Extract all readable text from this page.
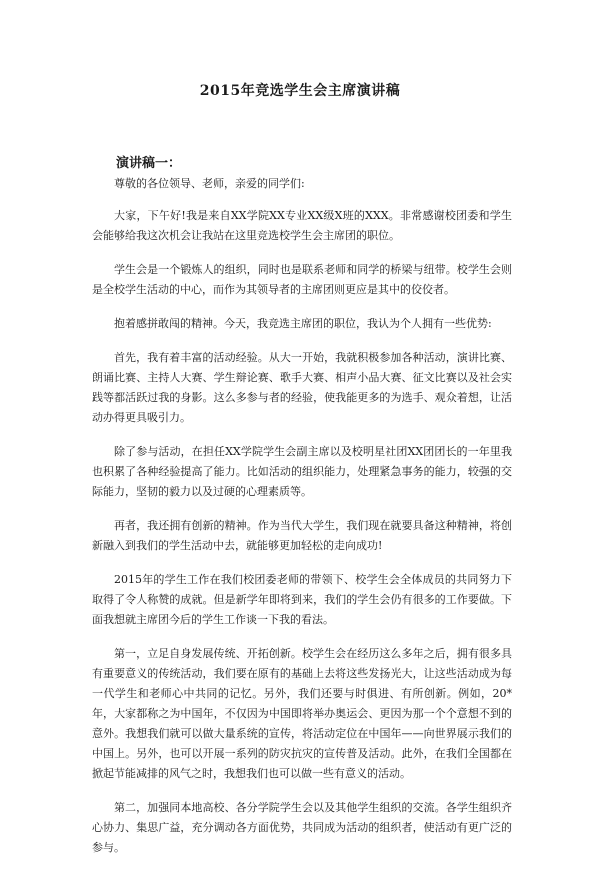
2015年竞选学生会主席演讲稿
演讲稿一：

尊敬的各位领导、老师，亲爱的同学们:

大家，下午好!我是来自XX学院XX专业XX级X班的XXX。非常感谢校团委和学生会能够给我这次机会让我站在这里竞选校学生会主席团的职位。

学生会是一个锻炼人的组织，同时也是联系老师和同学的桥梁与纽带。校学生会则是全校学生活动的中心，而作为其领导者的主席团则更应是其中的佼佼者。

抱着感拼敢闯的精神。今天，我竞选主席团的职位，我认为个人拥有一些优势:

首先，我有着丰富的活动经验。从大一开始，我就积极参加各种活动，演讲比赛、朗诵比赛、主持人大赛、学生辩论赛、歌手大赛、相声小品大赛、征文比赛以及社会实践等都活跃过我的身影。这么多参与者的经验，使我能更多的为选手、观众着想，让活动办得更具吸引力。

除了参与活动，在担任XX学院学生会副主席以及校明星社团XX团团长的一年里我也积累了各种经验提高了能力。比如活动的组织能力，处理紧急事务的能力，较强的交际能力，坚韧的毅力以及过硬的心理素质等。

再者，我还拥有创新的精神。作为当代大学生，我们现在就要具备这种精神，将创新融入到我们的学生活动中去，就能够更加轻松的走向成功!

2015年的学生工作在我们校团委老师的带领下、校学生会全体成员的共同努力下取得了令人称赞的成就。但是新学年即将到来，我们的学生会仍有很多的工作要做。下面我想就主席团今后的学生工作谈一下我的看法。

第一，立足自身发展传统、开拓创新。校学生会在经历这么多年之后，拥有很多具有重要意义的传统活动，我们要在原有的基础上去将这些发扬光大，让这些活动成为每一代学生和老师心中共同的记忆。另外，我们还要与时俱进、有所创新。例如，20*年，大家都称之为中国年，不仅因为中国即将举办奥运会、更因为那一个个意想不到的意外。我想我们就可以做大量系统的宣传，将活动定位在中国年——向世界展示我们的中国上。另外，也可以开展一系列的防灾抗灾的宣传普及活动。此外，在我们全国都在掀起节能减排的风气之时，我想我们也可以做一些有意义的活动。

第二，加强同本地高校、各分学院学生会以及其他学生组织的交流。各学生组织齐心协力、集思广益，充分调动各方面优势，共同成为活动的组织者，使活动有更广泛的参与。
